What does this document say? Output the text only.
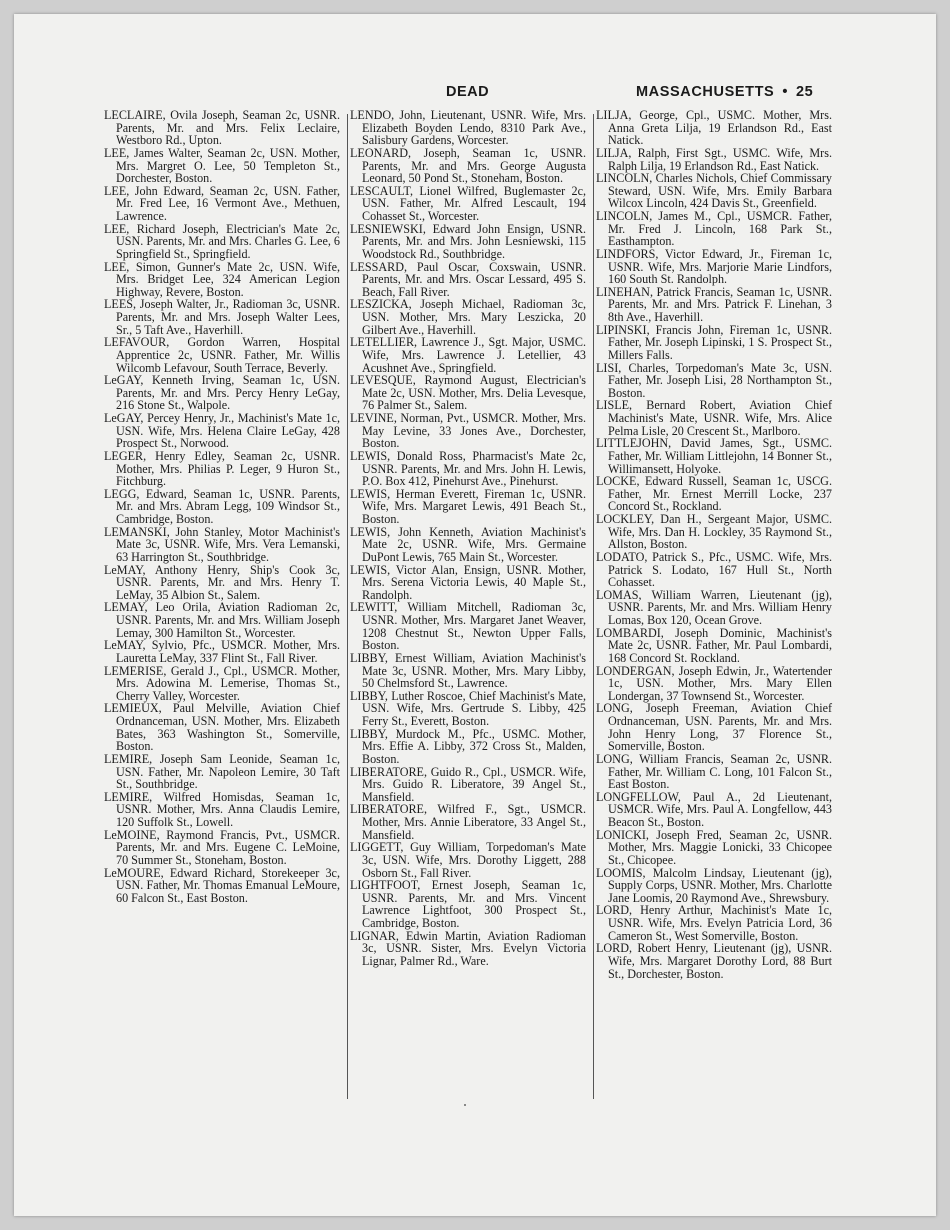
DEAD	MASSACHUSETTS • 25

LECLAIRE, Ovila Joseph, Seaman 2c, USNR. Parents, Mr. and Mrs. Felix Leclaire, Westboro Rd., Upton.

LEE, James Walter, Seaman 2c, USN. Mother, Mrs. Margret O. Lee, 50 Templeton St., Dorchester, Boston.

LEE, John Edward, Seaman 2c, USN. Father, Mr. Fred Lee, 16 Vermont Ave., Methuen, Lawrence.

LEE, Richard Joseph, Electrician's Mate 2c, USN. Parents, Mr. and Mrs. Charles G. Lee, 6 Springfield St., Springfield.

LEE, Simon, Gunner's Mate 2c, USN. Wife, Mrs. Bridget Lee, 324 American Legion Highway, Revere, Boston.

LEES, Joseph Walter, Jr., Radioman 3c, USNR. Parents, Mr. and Mrs. Joseph Walter Lees, Sr., 5 Taft Ave., Haverhill.

LEFAVOUR, Gordon Warren, Hospital Apprentice 2c, USNR. Father, Mr. Willis Wilcomb Lefavour, South Terrace, Beverly.

LeGAY, Kenneth Irving, Seaman 1c, USN. Parents, Mr. and Mrs. Percy Henry LeGay, 216 Stone St., Walpole.

LeGAY, Percey Henry, Jr., Machinist's Mate 1c, USN. Wife, Mrs. Helena Claire LeGay, 428 Prospect St., Norwood.

LEGER, Henry Edley, Seaman 2c, USNR. Mother, Mrs. Philias P. Leger, 9 Huron St., Fitchburg.

LEGG, Edward, Seaman 1c, USNR. Parents, Mr. and Mrs. Abram Legg, 109 Windsor St., Cambridge, Boston.

LEMANSKI, John Stanley, Motor Machinist's Mate 3c, USNR. Wife, Mrs. Vera Lemanski, 63 Harrington St., Southbridge.

LeMAY, Anthony Henry, Ship's Cook 3c, USNR. Parents, Mr. and Mrs. Henry T. LeMay, 35 Albion St., Salem.

LEMAY, Leo Orila, Aviation Radioman 2c, USNR. Parents, Mr. and Mrs. William Joseph Lemay, 300 Hamilton St., Worcester.

LeMAY, Sylvio, Pfc., USMCR. Mother, Mrs. Lauretta LeMay, 337 Flint St., Fall River.

LEMERISE, Gerald J., Cpl., USMCR. Mother, Mrs. Adowina M. Lemerise, Thomas St., Cherry Valley, Worcester.

LEMIEUX, Paul Melville, Aviation Chief Ordnanceman, USN. Mother, Mrs. Elizabeth Bates, 363 Washington St., Somerville, Boston.

LEMIRE, Joseph Sam Leonide, Seaman 1c, USN. Father, Mr. Napoleon Lemire, 30 Taft St., Southbridge.

LEMIRE, Wilfred Homisdas, Seaman 1c, USNR. Mother, Mrs. Anna Claudis Lemire, 120 Suffolk St., Lowell.

LeMOINE, Raymond Francis, Pvt., USMCR. Parents, Mr. and Mrs. Eugene C. LeMoine, 70 Summer St., Stoneham, Boston.

LeMOURE, Edward Richard, Storekeeper 3c, USN. Father, Mr. Thomas Emanual LeMoure, 60 Falcon St., East Boston.

LENDO, John, Lieutenant, USNR. Wife, Mrs. Elizabeth Boyden Lendo, 8310 Park Ave., Salisbury Gardens, Worcester.

LEONARD, Joseph, Seaman 1c, USNR. Parents, Mr. and Mrs. George Augusta Leonard, 50 Pond St., Stoneham, Boston.

LESCAULT, Lionel Wilfred, Buglemaster 2c, USN. Father, Mr. Alfred Lescault, 194 Cohasset St., Worcester.

LESNIEWSKI, Edward John Ensign, USNR. Parents, Mr. and Mrs. John Lesniewski, 115 Woodstock Rd., Southbridge.

LESSARD, Paul Oscar, Coxswain, USNR. Parents, Mr. and Mrs. Oscar Lessard, 495 S. Beach, Fall River.

LESZICKA, Joseph Michael, Radioman 3c, USN. Mother, Mrs. Mary Leszicka, 20 Gilbert Ave., Haverhill.

LETELLIER, Lawrence J., Sgt. Major, USMC. Wife, Mrs. Lawrence J. Letellier, 43 Acushnet Ave., Springfield.

LEVESQUE, Raymond August, Electrician's Mate 2c, USN. Mother, Mrs. Delia Levesque, 76 Palmer St., Salem.

LEVINE, Norman, Pvt., USMCR. Mother, Mrs. May Levine, 33 Jones Ave., Dorchester, Boston.

LEWIS, Donald Ross, Pharmacist's Mate 2c, USNR. Parents, Mr. and Mrs. John H. Lewis, P.O. Box 412, Pinehurst Ave., Pinehurst.

LEWIS, Herman Everett, Fireman 1c, USNR. Wife, Mrs. Margaret Lewis, 491 Beach St., Boston.

LEWIS, John Kenneth, Aviation Machinist's Mate 2c, USNR. Wife, Mrs. Germaine DuPont Lewis, 765 Main St., Worcester.

LEWIS, Victor Alan, Ensign, USNR. Mother, Mrs. Serena Victoria Lewis, 40 Maple St., Randolph.

LEWITT, William Mitchell, Radioman 3c, USNR. Mother, Mrs. Margaret Janet Weaver, 1208 Chestnut St., Newton Upper Falls, Boston.

LIBBY, Ernest William, Aviation Machinist's Mate 3c, USNR. Mother, Mrs. Mary Libby, 50 Chelmsford St., Lawrence.

LIBBY, Luther Roscoe, Chief Machinist's Mate, USN. Wife, Mrs. Gertrude S. Libby, 425 Ferry St., Everett, Boston.

LIBBY, Murdock M., Pfc., USMC. Mother, Mrs. Effie A. Libby, 372 Cross St., Malden, Boston.

LIBERATORE, Guido R., Cpl., USMCR. Wife, Mrs. Guido R. Liberatore, 39 Angel St., Mansfield.

LIBERATORE, Wilfred F., Sgt., USMCR. Mother, Mrs. Annie Liberatore, 33 Angel St., Mansfield.

LIGGETT, Guy William, Torpedoman's Mate 3c, USN. Wife, Mrs. Dorothy Liggett, 288 Osborn St., Fall River.

LIGHTFOOT, Ernest Joseph, Seaman 1c, USNR. Parents, Mr. and Mrs. Vincent Lawrence Lightfoot, 300 Prospect St., Cambridge, Boston.

LIGNAR, Edwin Martin, Aviation Radioman 3c, USNR. Sister, Mrs. Evelyn Victoria Lignar, Palmer Rd., Ware.

LILJA, George, Cpl., USMC. Mother, Mrs. Anna Greta Lilja, 19 Erlandson Rd., East Natick.

LILJA, Ralph, First Sgt., USMC. Wife, Mrs. Ralph Lilja, 19 Erlandson Rd., East Natick.

LINCOLN, Charles Nichols, Chief Commissary Steward, USN. Wife, Mrs. Emily Barbara Wilcox Lincoln, 424 Davis St., Greenfield.

LINCOLN, James M., Cpl., USMCR. Father, Mr. Fred J. Lincoln, 168 Park St., Easthampton.

LINDFORS, Victor Edward, Jr., Fireman 1c, USNR. Wife, Mrs. Marjorie Marie Lindfors, 160 South St. Randolph.

LINEHAN, Patrick Francis, Seaman 1c, USNR. Parents, Mr. and Mrs. Patrick F. Linehan, 3 8th Ave., Haverhill.

LIPINSKI, Francis John, Fireman 1c, USNR. Father, Mr. Joseph Lipinski, 1 S. Prospect St., Millers Falls.

LISI, Charles, Torpedoman's Mate 3c, USN. Father, Mr. Joseph Lisi, 28 Northampton St., Boston.

LISLE, Bernard Robert, Aviation Chief Machinist's Mate, USNR. Wife, Mrs. Alice Pelma Lisle, 20 Crescent St., Marlboro.

LITTLEJOHN, David James, Sgt., USMC. Father, Mr. William Littlejohn, 14 Bonner St., Willimansett, Holyoke.

LOCKE, Edward Russell, Seaman 1c, USCG. Father, Mr. Ernest Merrill Locke, 237 Concord St., Rockland.

LOCKLEY, Dan H., Sergeant Major, USMC. Wife, Mrs. Dan H. Lockley, 35 Raymond St., Allston, Boston.

LODATO, Patrick S., Pfc., USMC. Wife, Mrs. Patrick S. Lodato, 167 Hull St., North Cohasset.

LOMAS, William Warren, Lieutenant (jg), USNR. Parents, Mr. and Mrs. William Henry Lomas, Box 120, Ocean Grove.

LOMBARDI, Joseph Dominic, Machinist's Mate 2c, USNR. Father, Mr. Paul Lombardi, 168 Concord St. Rockland.

LONDERGAN, Joseph Edwin, Jr., Watertender 1c, USN. Mother, Mrs. Mary Ellen Londergan, 37 Townsend St., Worcester.

LONG, Joseph Freeman, Aviation Chief Ordnanceman, USN. Parents, Mr. and Mrs. John Henry Long, 37 Florence St., Somerville, Boston.

LONG, William Francis, Seaman 2c, USNR. Father, Mr. William C. Long, 101 Falcon St., East Boston.

LONGFELLOW, Paul A., 2d Lieutenant, USMCR. Wife, Mrs. Paul A. Longfellow, 443 Beacon St., Boston.

LONICKI, Joseph Fred, Seaman 2c, USNR. Mother, Mrs. Maggie Lonicki, 33 Chicopee St., Chicopee.

LOOMIS, Malcolm Lindsay, Lieutenant (jg), Supply Corps, USNR. Mother, Mrs. Charlotte Jane Loomis, 20 Raymond Ave., Shrewsbury.

LORD, Henry Arthur, Machinist's Mate 1c, USNR. Wife, Mrs. Evelyn Patricia Lord, 36 Cameron St., West Somerville, Boston.

LORD, Robert Henry, Lieutenant (jg), USNR. Wife, Mrs. Margaret Dorothy Lord, 88 Burt St., Dorchester, Boston.
